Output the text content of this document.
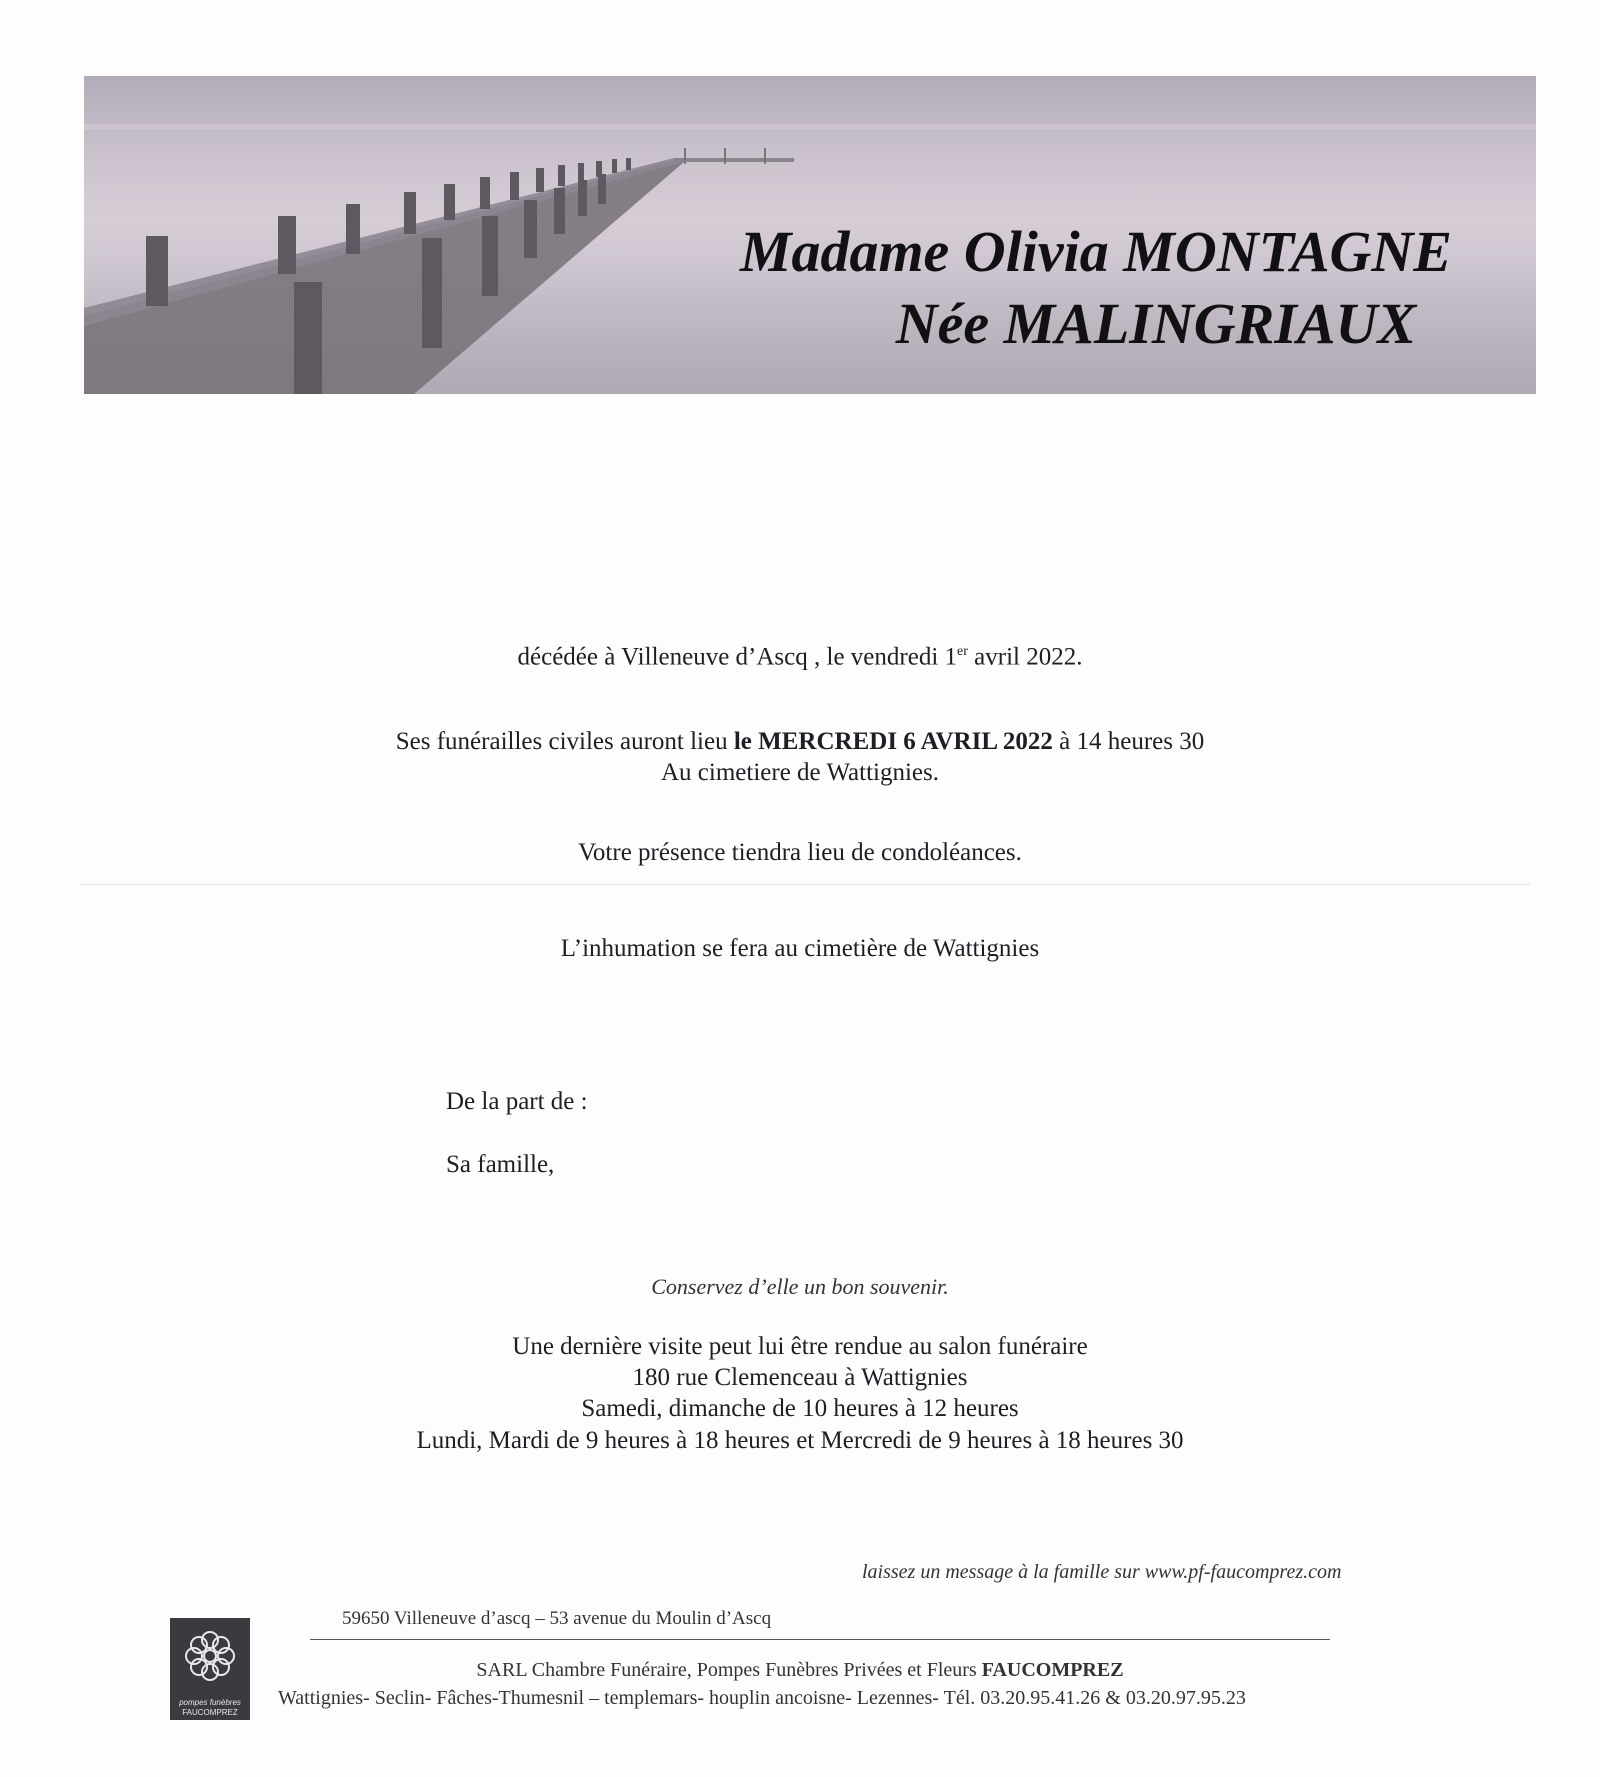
Madame Olivia MONTAGNE
Née MALINGRIAUX
décédée à Villeneuve d’Ascq , le vendredi 1er avril 2022.
Ses funérailles civiles auront lieu le MERCREDI 6 AVRIL 2022 à 14 heures 30
Au cimetiere de Wattignies.
Votre présence tiendra lieu de condoléances.
L’inhumation se fera au cimetière de Wattignies
De la part de :
Sa famille,
Conservez d’elle un bon souvenir.
Une dernière visite peut lui être rendue au salon funéraire
180 rue Clemenceau à Wattignies
Samedi, dimanche de 10 heures à 12 heures
Lundi, Mardi de 9 heures à 18 heures et Mercredi de 9 heures à 18 heures 30
laissez un message à la famille sur www.pf-faucomprez.com
59650 Villeneuve d’ascq – 53 avenue du Moulin d’Ascq
pompes funèbres
FAUCOMPREZ
SARL Chambre Funéraire, Pompes Funèbres Privées et Fleurs FAUCOMPREZ
Wattignies- Seclin- Fâches-Thumesnil – templemars- houplin ancoisne- Lezennes- Tél. 03.20.95.41.26 & 03.20.97.95.23
